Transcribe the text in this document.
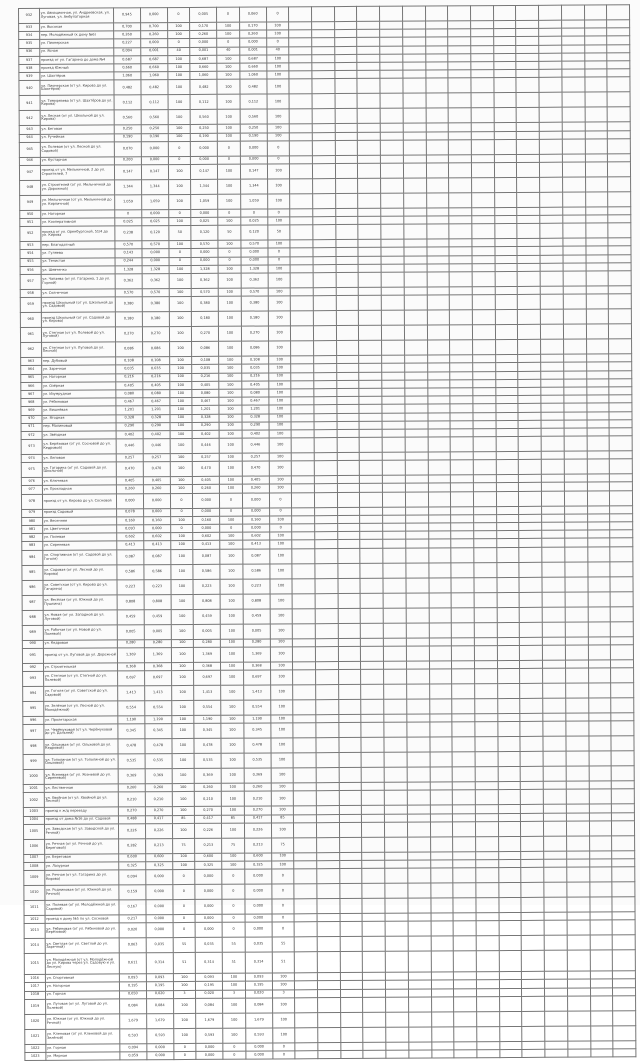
932	ул. Авиационная, ул. Андреевская, ул. Луговая, ул. Амбулаторная	0,945	0,000	0	0,005	0	0,060	0															
933	ул. Высокая	0,700	0,700	100	0,170	100	0,170	100															
934	пер. Молодёжный (к дому №6)	0,260	0,260	100	0,260	100	0,260	100															
935	ул. Пионерская	0,227	0,000	0	0,000	0	0,000	0															
936	ул. Ясная	0,004	0,001	40	0,001	40	0,001	40															
937	проезд от ул. Гагарина до дома №4	0,687	0,687	100	0,687	100	0,687	100															
938	проезд Южный	0,660	0,660	100	0,660	100	0,660	100															
939	ул. Шахтёров	1,060	1,060	100	1,060	100	1,060	100															
940	ул. Пионерская (от ул. Кирова до ул. Шахтёров)	0,482	0,482	100	0,482	100	0,482	100															
941	ул. Тимирязева (от ул. Шахтёров до ул. Кирова)	0,112	0,112	100	0,112	100	0,112	100															
942	ул. Лесная (от ул. Школьной до ул. Кирова)	0,560	0,560	100	0,560	100	0,560	100															
943	ул. Беговая	0,250	0,250	100	0,250	100	0,250	100															
944	ул. Ручейная	0,190	0,190	100	0,190	100	0,190	100															
945	ул. Полевая (от ул. Лесной до ул. Садовой)	0,070	0,000	0	0,000	0	0,000	0															
946	ул. Кустарная	0,200	0,000	0	0,000	0	0,000	0															
947	проезд от ул. Мельничной, 2 до ул. Строителей, 7	0,147	0,147	100	0,147	100	0,147	100															
948	ул. Строителей (от ул. Мельничной до ул. Дорожной)	1,344	1,344	100	1,344	100	1,344	100															
949	ул. Мельничная (от ул. Мельничной до ул. Кирпичной)	1,059	1,059	100	1,059	100	1,059	100															
950	ул. Нагорная	0	0,000	0	0,000	0	0	0															
951	ул. Кооперативная	0,025	0,025	100	0,025	100	0,025	100															
952	проезд от ул. Оренбургской, 51/4 до ул. Кирова	0,238	0,120	50	0,120	50	0,120	50															
953	пер. Благодатный	0,570	0,570	100	0,570	100	0,570	100															
954	ул. Гуляева	0,143	0,000	0	0,000	0	0,000	0															
955	ул. Тенистая	0,244	0,000	0	0,000	0	0,000	0															
956	ул. Шевченко	1,328	1,328	100	1,328	100	1,328	100															
957	ул. Чапаева (от ул. Гагарина, 1 до ул. Горной)	0,362	0,362	100	0,362	100	0,362	100															
958	ул. Солнечная	0,570	0,570	100	0,570	100	0,570	100															
959	проезд Школьный (от ул. Школьной до ул. Садовой)	0,380	0,380	100	0,380	100	0,380	100															
960	проезд Школьный (от ул. Садовой до ул. Кирова)	0,180	0,180	100	0,180	100	0,180	100															
961	ул. Степная (от ул. Полевой до ул. Луговой)	0,270	0,270	100	0,270	100	0,270	100															
962	ул. Степная (от ул. Луговой до ул. Лесной)	0,086	0,086	100	0,086	100	0,086	100															
963	пер. Дубовый	0,108	0,108	100	0,108	100	0,108	100															
964	ул. Заречная	0,035	0,035	100	0,035	100	0,035	100															
965	ул. Нагорная	0,216	0,216	100	0,216	100	0,216	100															
966	ул. Озёрная	0,405	0,405	100	0,405	100	0,405	100															
967	ул. Изумрудная	0,080	0,080	100	0,080	100	0,080	100															
968	ул. Рябиновая	0,467	0,467	100	0,467	100	0,467	100															
969	ул. Вишнёвая	1,201	1,201	100	1,201	100	1,201	100															
970	ул. Ягодная	0,328	0,328	100	0,328	100	0,328	100															
971	пер. Малиновый	0,290	0,290	100	0,290	100	0,290	100															
972	ул. Звёздная	0,402	0,402	100	0,402	100	0,402	100															
973	ул. Берёзовая (от ул. Сосновой до ул. Кедровой)	0,446	0,446	100	0,446	100	0,446	100															
974	ул. Липовая	0,257	0,257	100	0,257	100	0,257	100															
975	ул. Гагарина (от ул. Садовой до ул. Школьной)	0,470	0,470	100	0,470	100	0,470	100															
976	ул. Ключевая	0,405	0,405	100	0,405	100	0,405	100															
977	ул. Прохладная	0,260	0,260	100	0,260	100	0,260	100															
978	проезд от ул. Кирова до ул. Сосновой	0,000	0,000	0	0,000	0	0,000	0															
979	проезд Садовый	0,078	0,000	0	0,000	0	0,000	0															
980	ул. Весенняя	0,160	0,160	100	0,160	100	0,160	100															
981	ул. Цветочная	0,093	0,000	0	0,000	0	0,000	0															
982	ул. Полевая	0,602	0,602	100	0,602	100	0,602	100															
983	ул. Сиреневая	0,413	0,413	100	0,413	100	0,413	100															
984	ул. Спортивная (от ул. Садовой до ул. Гоголя)	0,087	0,087	100	0,087	100	0,087	100															
985	ул. Садовая (от ул. Лесной до ул. Кирова)	0,586	0,586	100	0,586	100	0,586	100															
986	ул. Советская (от ул. Кирова до ул. Гагарина)	0,223	0,223	100	0,223	100	0,223	100															
987	ул. Весёлая (от ул. Южной до ул. Пушкина)	0,808	0,808	100	0,808	100	0,808	100															
988	ул. Новая (от ул. Западной до ул. Луговой)	0,459	0,459	100	0,459	100	0,459	100															
989	ул. Рабочая (от ул. Новой до ул. Полевой)	0,005	0,005	100	0,005	100	0,005	100															
990	ул. Кедровая	0,280	0,280	100	0,280	100	0,280	100															
991	проезд от ул. Луговой до ул. Дорожной	1,369	1,369	100	1,369	100	1,369	100															
992	ул. Строительная	0,368	0,368	100	0,368	100	0,368	100															
993	ул. Степная (от ул. Степной до ул. Полевой)	0,697	0,697	100	0,697	100	0,697	100															
994	ул. Гоголя (от ул. Советской до ул. Садовой)	1,413	1,413	100	1,413	100	1,413	100															
995	ул. Зелёная (от ул. Лесной до ул. Молодёжной)	0,554	0,554	100	0,554	100	0,554	100															
996	ул. Пролетарская	1,190	1,190	100	1,190	100	1,190	100															
997	ул. Черёмуховая (от ул. Черёмуховой до ул. Дальней)	0,345	0,345	100	0,345	100	0,345	100															
998	ул. Ольховая (от ул. Ольховой до ул. Кедровой)	0,478	0,478	100	0,478	100	0,478	100															
999	ул. Тополиная (от ул. Тополиной до ул. Ольховой)	0,535	0,535	100	0,535	100	0,535	100															
1000	ул. Ясеневая (от ул. Ясеневой до ул. Сиреневой)	0,369	0,369	100	0,369	100	0,369	100															
1001	ул. Лиственная	0,260	0,260	100	0,260	100	0,260	100															
1002	ул. Хвойная (от ул. Хвойной до ул. Лесной)	0,210	0,210	100	0,210	100	0,210	100															
1003	проезд к ж/д переезду	0,270	0,270	100	0,270	100	0,270	100															
1004	проезд от дома №16 до ул. Садовой	0,488	0,417	85	0,417	85	0,417	85															
1005	ул. Заводская (от ул. Заводской до ул. Речной)	0,226	0,226	100	0,226	100	0,226	100															
1006	ул. Речная (от ул. Речной до ул. Береговой)	0,282	0,213	75	0,213	75	0,213	75															
1007	ул. Береговая	0,600	0,600	100	0,600	100	0,600	100															
1008	ул. Лазурная	0,325	0,325	100	0,325	100	0,325	100															
1009	ул. Речная (от ул. Гагарина до ул. Кирова)	0,094	0,000	0	0,000	0	0,000	0															
1010	ул. Родниковая (от ул. Южной до ул. Речной)	0,159	0,000	0	0,000	0	0,000	0															
1011	ул. Полевая (от ул. Молодёжной до ул. Садовой)	0,167	0,000	0	0,000	0	0,000	0															
1012	проезд к дому №5 по ул. Сосновой	0,217	0,000	0	0,000	0	0,000	0															
1013	ул. Рябиновая (от ул. Рябиновой до ул. Берёзовой)	0,020	0,000	0	0,000	0	0,000	0															
1014	ул. Светлая (от ул. Светлой до ул. Заречной)	0,063	0,035	55	0,035	55	0,035	55															
1015	ул. Молодёжная (от ул. Молодёжной до ул. Кирова через ул. Садовую и ул. Лесную)	0,611	0,314	51	0,314	51	0,314	51															
1016	ул. Спортивная	0,093	0,093	100	0,093	100	0,093	100															
1017	ул. Нагорная	0,195	0,195	100	0,195	100	0,195	100															
1018	ул. Горная	0,650	0,020	3	0,020	3	0,020	3															
1019	ул. Луговая (от ул. Луговой до ул. Полевой)	0,084	0,084	100	0,084	100	0,084	100															
1020	ул. Южная (от ул. Южной до ул. Речной)	1,679	1,679	100	1,679	100	1,679	100															
1021	ул. Кленовая (от ул. Кленовой до ул. Зелёной)	0,593	0,593	100	0,593	100	0,593	100															
1022	ул. Горная	0,094	0,000	0	0,000	0	0,000	0															
1023	ул. Мирная	0,059	0,000	0	0,000	0	0,000	0															
